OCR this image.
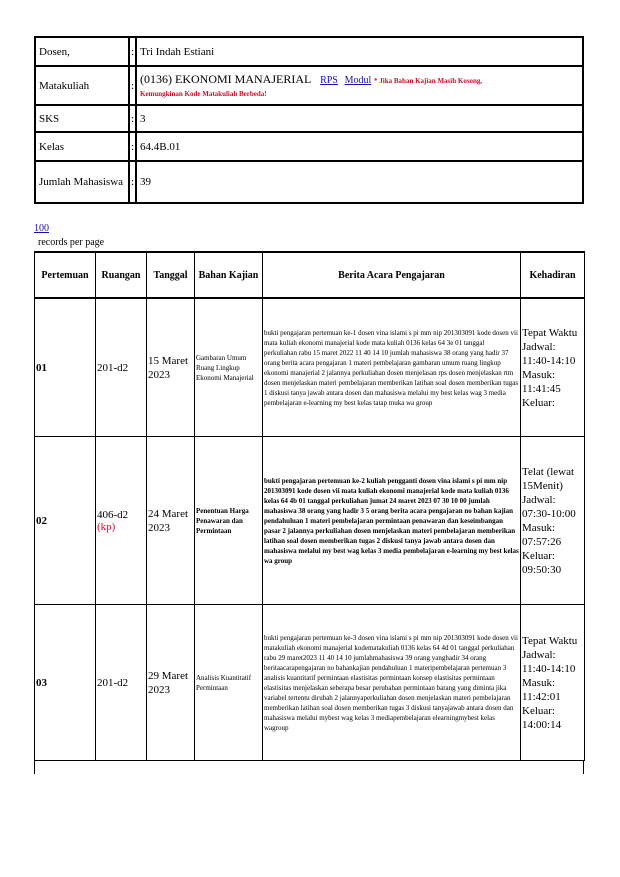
Dosen,	:	Tri Indah Estiani
Matakuliah	:	(0136) EKONOMI MANAJERIAL RPS Modul * Jika Bahan Kajian Masih Kosong,
Kemungkinan Kode Matakuliah Berbeda!
SKS	:	3
Kelas	:	64.4B.01
Jumlah Mahasiswa	:	39
100
records per page
Pertemuan	Ruangan	Tanggal	Bahan Kajian	Berita Acara Pengajaran	Kehadiran
01	201-d2	15 Maret 2023	Gambaran Umum Ruang Lingkup Ekonomi Manajerial	bukti pengajaran pertemuan ke-1 dosen vina islami s pi mm nip 201303091 kode dosen vii mata kuliah ekonomi manajerial kode mata kuliah 0136 kelas 64 3e 01 tanggal perkuliahan rabu 15 maret 2022 11 40 14 10 jumlah mahasiswa 38 orang yang hadir 37 orang berita acara pengajaran 1 materi pembelajaran gambaran umum ruang lingkup ekonomi manajerial 2 jalannya perkuliahan dosen menjelasan rps dosen menjelaskan rtm dosen menjelaskan materi pembelajaran memberikan latihan soal dosen memberikan tugas 1 diskusi tanya jawab antara dosen dan mahasiswa melalui my best kelas wag 3 media pembelajaran e-learning my best kelas tatap muka wa group	Tepat Waktu Jadwal: 11:40-14:10 Masuk: 11:41:45 Keluar:
02	406-d2
(kp)	24 Maret 2023	Penentuan Harga Penawaran dan Permintaan	bukti pengajaran pertemuan ke-2 kuliah pengganti dosen vina islami s pi mm nip 201303091 kode dosen vii mata kuliah ekonomi manajerial kode mata kuliah 0136 kelas 64 4b 01 tanggal perkuliahan jumat 24 maret 2023 07 30 10 00 jumlah mahasiswa 38 orang yang hadir 3 5 orang berita acara pengajaran no bahan kajian pendahuluan 1 materi pembelajaran permintaan penawaran dan keseimbangan pasar 2 jalannya perkuliahan dosen menjelaskan materi pembelajaran memberikan latihan soal dosen memberikan tugas 2 diskusi tanya jawab antara dosen dan mahasiswa melalui my best wag kelas 3 media pembelajaran e-learning my best kelas wa group	Telat (lewat 15Menit) Jadwal: 07:30-10:00 Masuk: 07:57:26 Keluar: 09:50:30
03	201-d2	29 Maret 2023	Analisis Kuantitatif Permintaan	bukti pengajaran pertemuan ke-3 dosen vina islami s pi mm nip 201303091 kode dosen vii matakuliah ekonomi manajerial kodematakuliah 0136 kelas 64 4d 01 tanggal perkuliahan rabu 29 maret2023 11 40 14 10 jumlahmahasiswa 39 orang yanghadir 34 orang beritaacarapengajaran no bahankajian pendahuluan 1 materipembelajaran pertemuan 3 analisis kuantitatif permintaan elastisitas permintaan konsep elastisitas permintaan elastisitas menjelaskan seberapa besar perubahan permintaan barang yang diminta jika variabel tertentu dirubah 2 jalannyaperkuliahan dosen menjelaskan materi pembelajaran memberikan latihan soal dosen memberikan tugas 3 diskusi tanyajawab antara dosen dan mahasiswa melalui mybest wag kelas 3 mediapembelajaran elearningmybest kelas wagroup	Tepat Waktu Jadwal: 11:40-14:10 Masuk: 11:42:01 Keluar: 14:00:14
